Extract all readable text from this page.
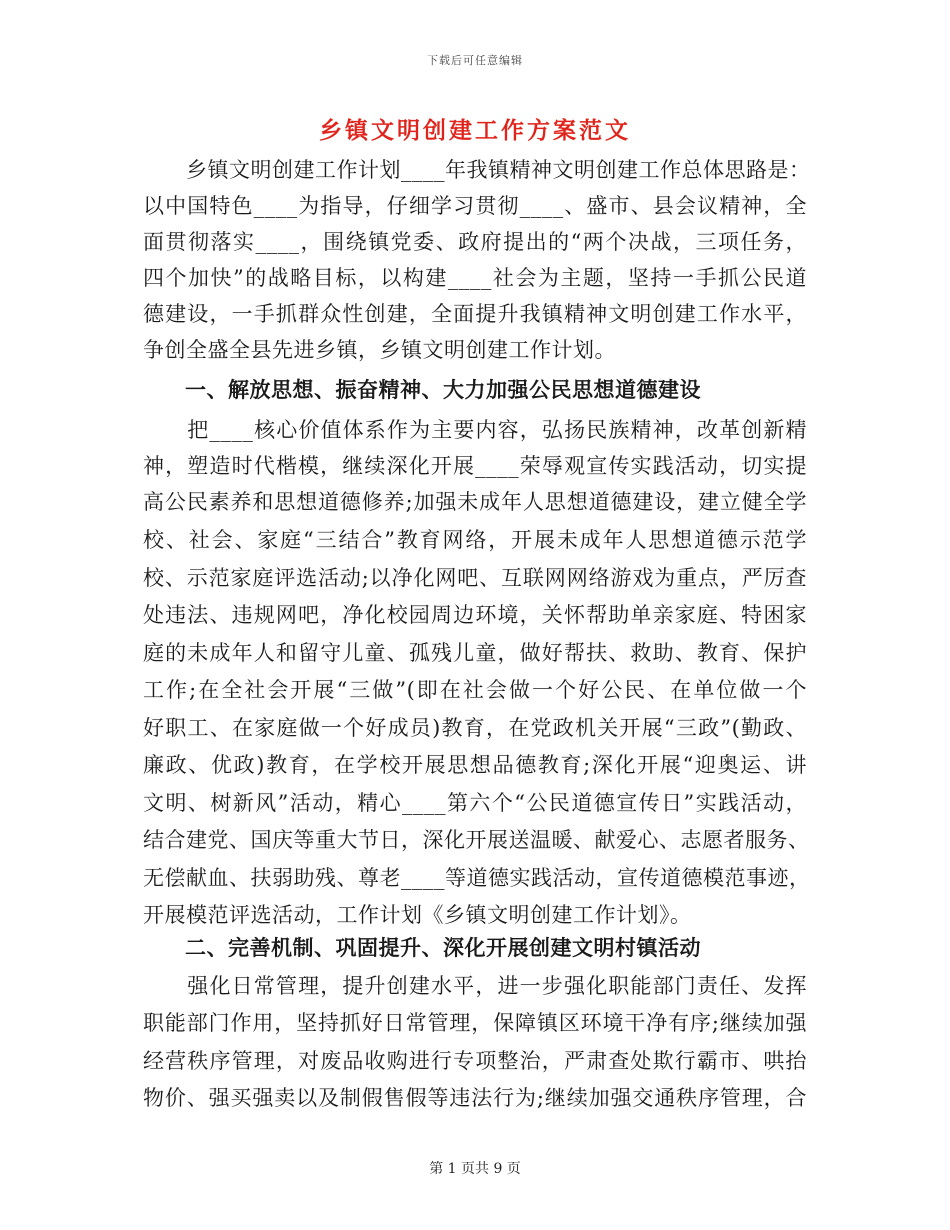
下载后可任意编辑
乡镇文明创建工作方案范文
　　乡镇文明创建工作计划____年我镇精神文明创建工作总体思路是：
以中国特色____为指导，仔细学习贯彻____、盛市、县会议精神，全
面贯彻落实____，围绕镇党委、政府提出的“两个决战，三项任务，
四个加快”的战略目标，以构建____社会为主题，坚持一手抓公民道
德建设，一手抓群众性创建，全面提升我镇精神文明创建工作水平，
争创全盛全县先进乡镇，乡镇文明创建工作计划。
一、解放思想、振奋精神、大力加强公民思想道德建设
　　把____核心价值体系作为主要内容，弘扬民族精神，改革创新精
神，塑造时代楷模，继续深化开展____荣辱观宣传实践活动，切实提
高公民素养和思想道德修养;加强未成年人思想道德建设，建立健全学
校、社会、家庭“三结合”教育网络，开展未成年人思想道德示范学
校、示范家庭评选活动;以净化网吧、互联网网络游戏为重点，严厉查
处违法、违规网吧，净化校园周边环境，关怀帮助单亲家庭、特困家
庭的未成年人和留守儿童、孤残儿童，做好帮扶、救助、教育、保护
工作;在全社会开展“三做”(即在社会做一个好公民、在单位做一个
好职工、在家庭做一个好成员)教育，在党政机关开展“三政”(勤政、
廉政、优政)教育，在学校开展思想品德教育;深化开展“迎奥运、讲
文明、树新风”活动，精心____第六个“公民道德宣传日”实践活动，
结合建党、国庆等重大节日，深化开展送温暖、献爱心、志愿者服务、
无偿献血、扶弱助残、尊老____等道德实践活动，宣传道德模范事迹，
开展模范评选活动，工作计划《乡镇文明创建工作计划》。
二、完善机制、巩固提升、深化开展创建文明村镇活动
　　强化日常管理，提升创建水平，进一步强化职能部门责任、发挥
职能部门作用，坚持抓好日常管理，保障镇区环境干净有序;继续加强
经营秩序管理，对废品收购进行专项整治，严肃查处欺行霸市、哄抬
物价、强买强卖以及制假售假等违法行为;继续加强交通秩序管理，合
第 1 页共 9 页
